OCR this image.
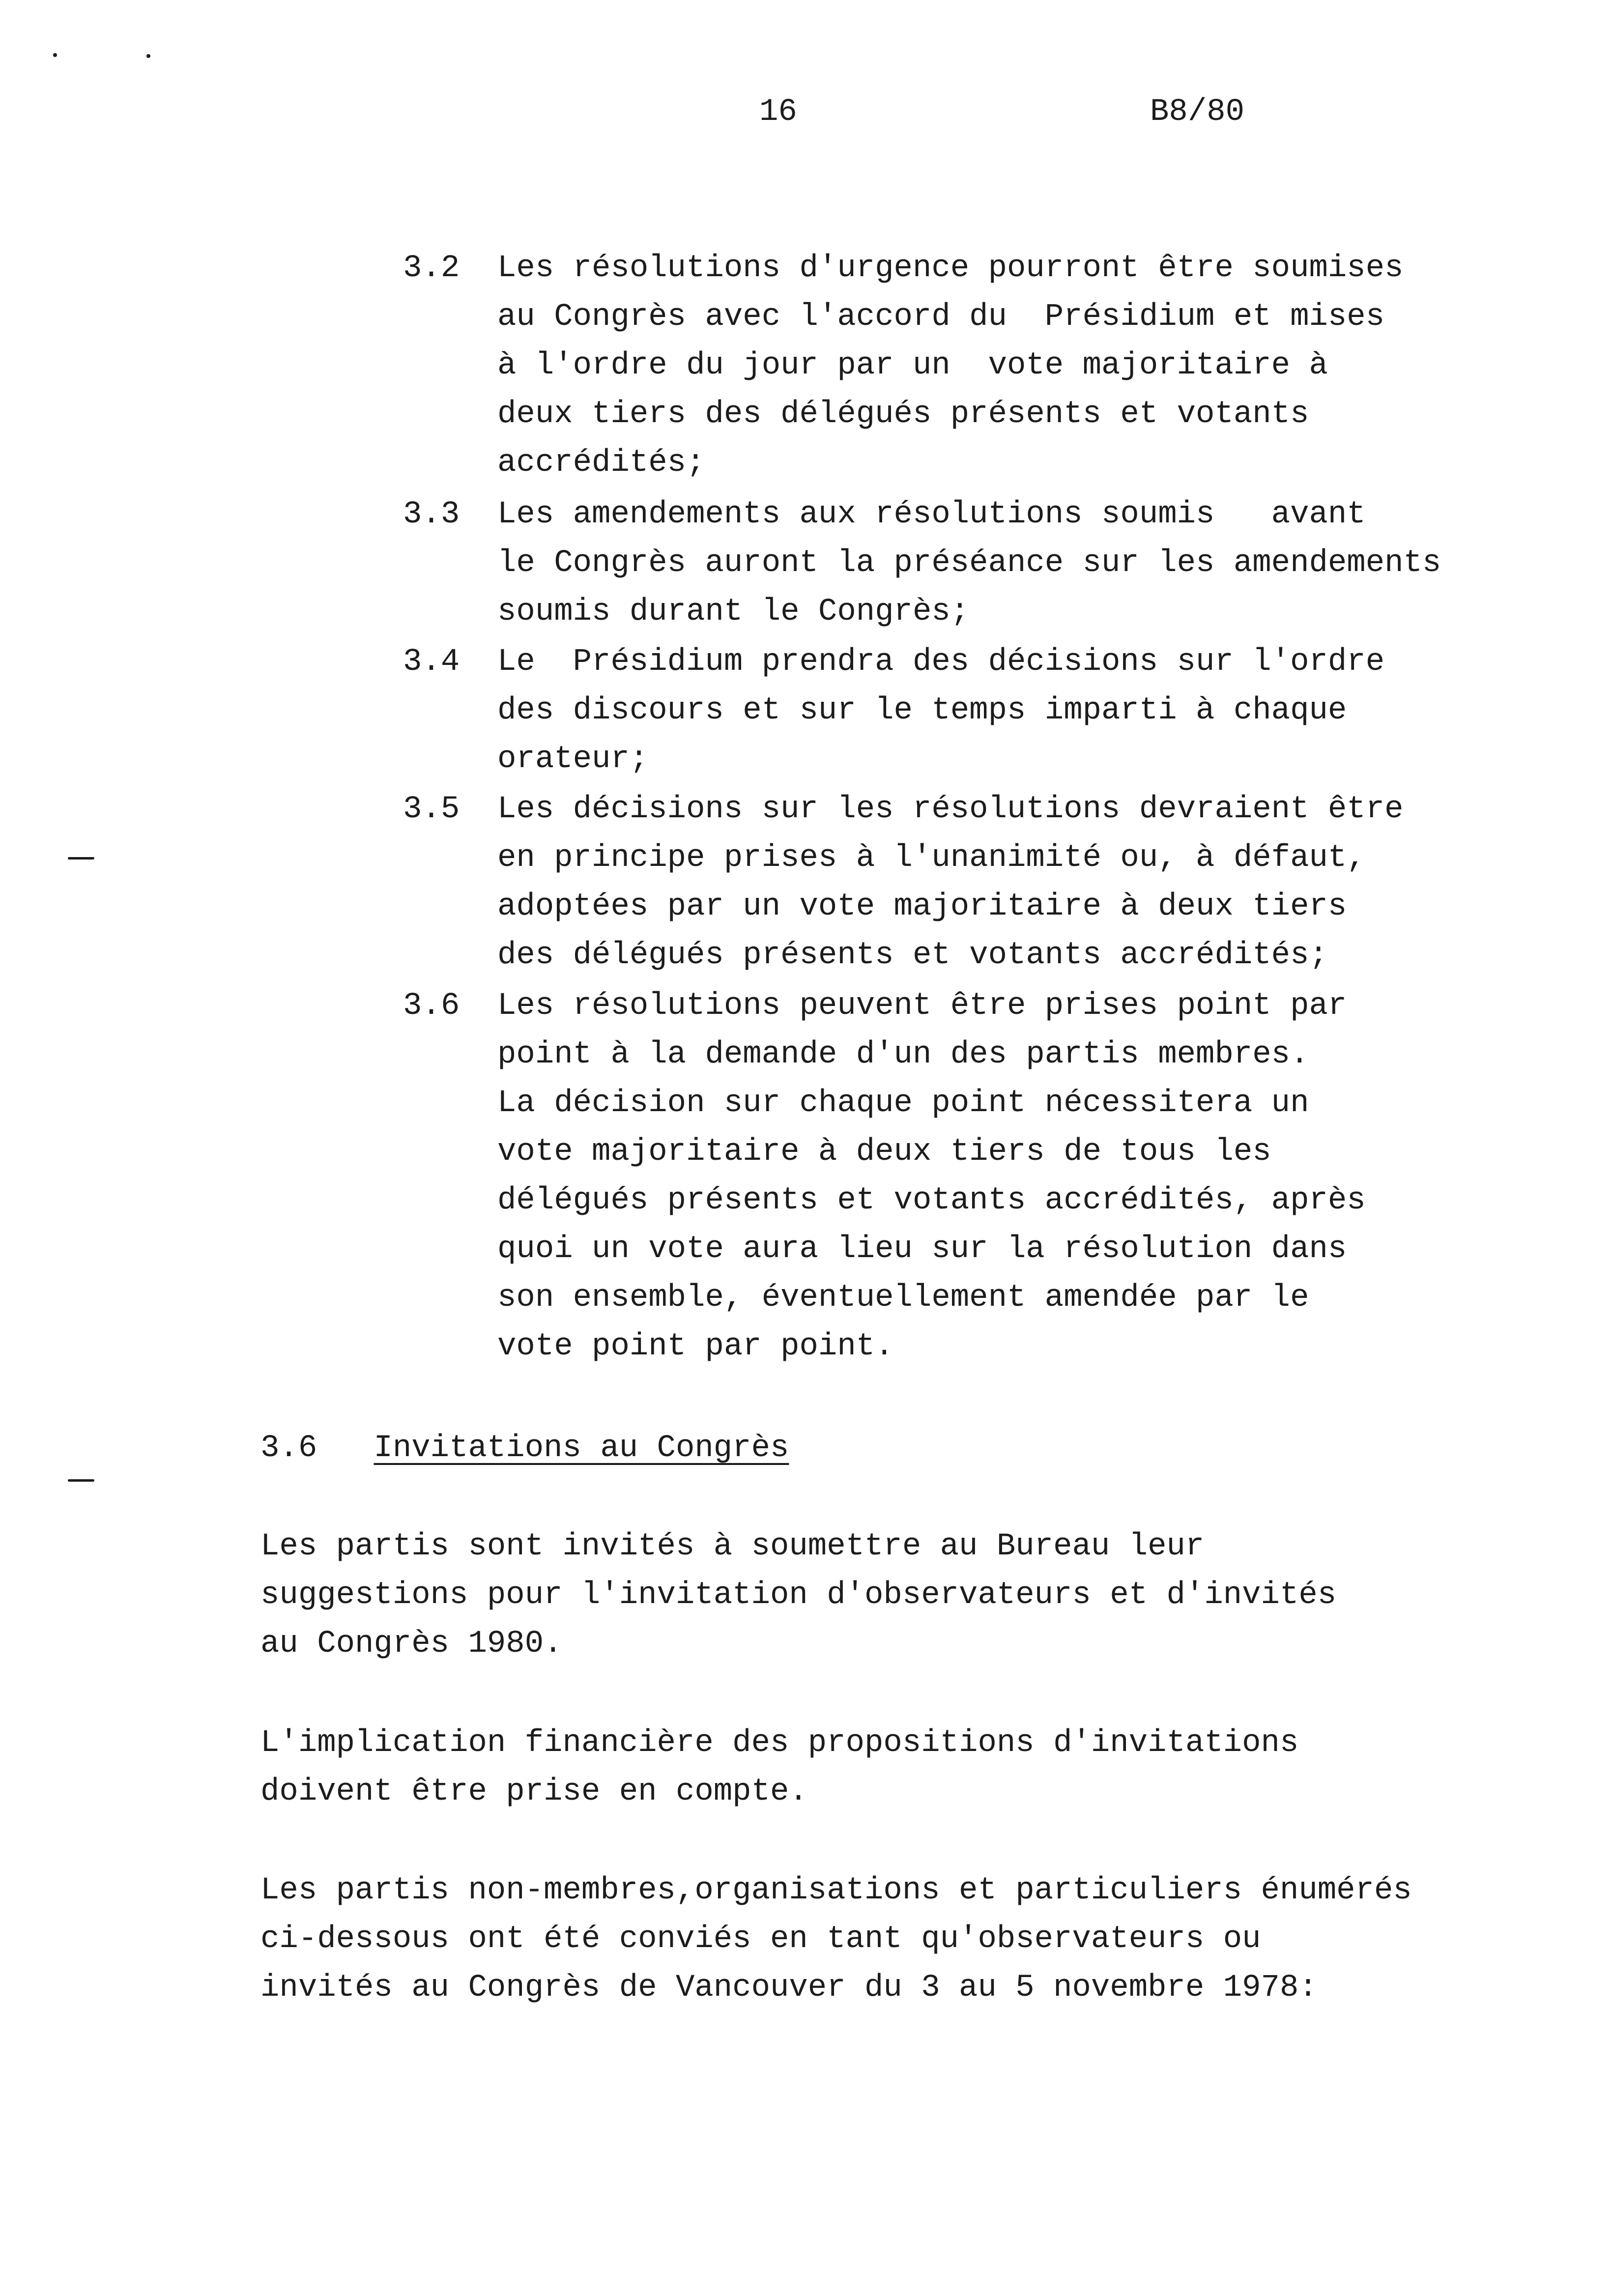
16	B8/80
3.2 Les résolutions d'urgence pourront être soumises
au Congrès avec l'accord du  Présidium et mises
à l'ordre du jour par un  vote majoritaire à
deux tiers des délégués présents et votants
accrédités;
3.3 Les amendements aux résolutions soumis   avant
le Congrès auront la préséance sur les amendements
soumis durant le Congrès;
3.4 Le  Présidium prendra des décisions sur l'ordre
des discours et sur le temps imparti à chaque
orateur;
3.5 Les décisions sur les résolutions devraient être
en principe prises à l'unanimité ou, à défaut,
adoptées par un vote majoritaire à deux tiers
des délégués présents et votants accrédités;
3.6 Les résolutions peuvent être prises point par
point à la demande d'un des partis membres.
La décision sur chaque point nécessitera un
vote majoritaire à deux tiers de tous les
délégués présents et votants accrédités, après
quoi un vote aura lieu sur la résolution dans
son ensemble, éventuellement amendée par le
vote point par point.
3.6 Invitations au Congrès
Les partis sont invités à soumettre au Bureau leur
suggestions pour l'invitation d'observateurs et d'invités
au Congrès 1980.
L'implication financière des propositions d'invitations
doivent être prise en compte.
Les partis non-membres,organisations et particuliers énumérés
ci-dessous ont été conviés en tant qu'observateurs ou
invités au Congrès de Vancouver du 3 au 5 novembre 1978:
